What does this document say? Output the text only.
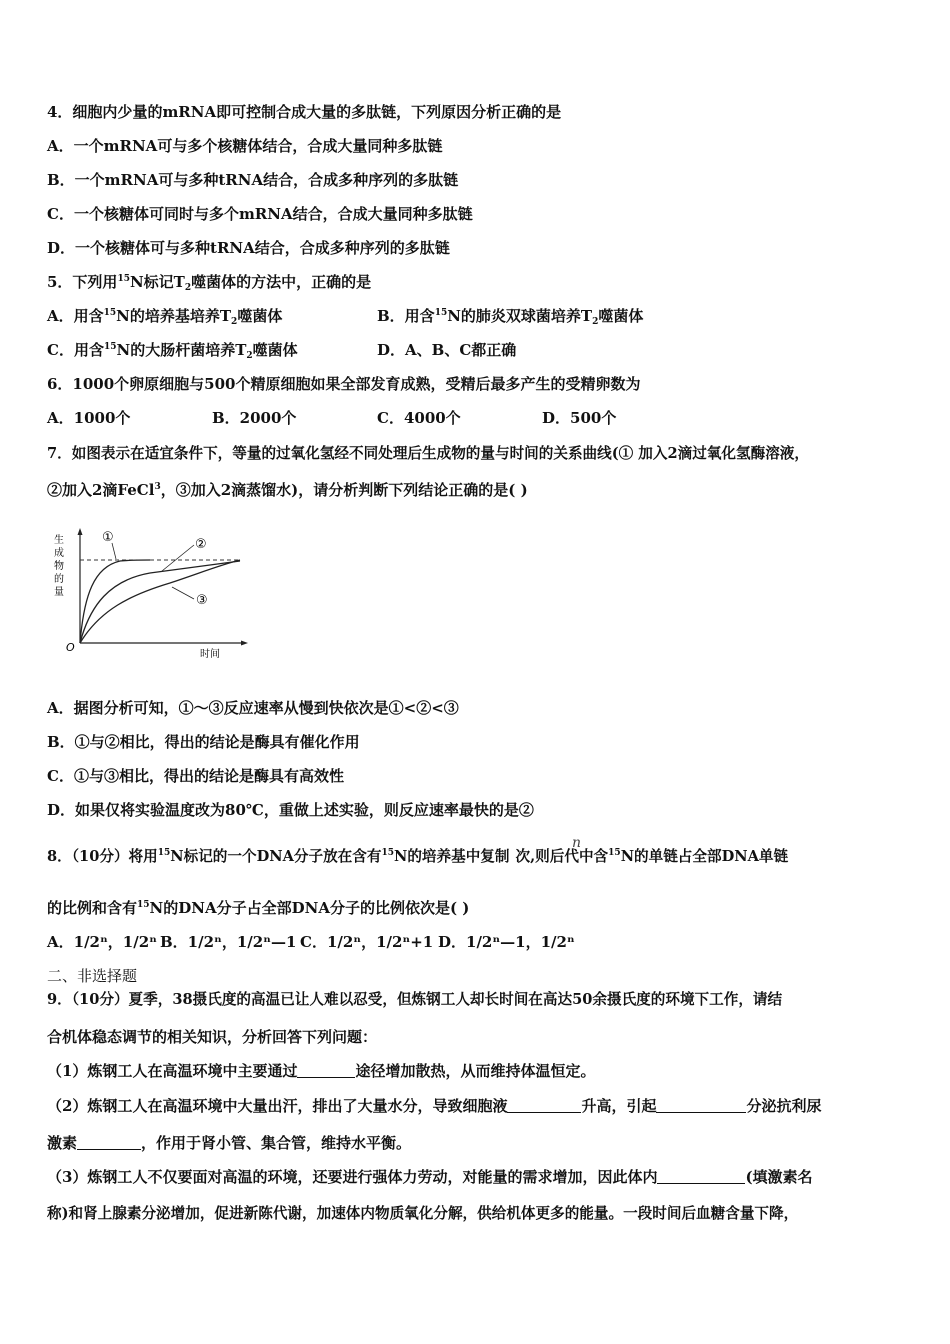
4．细胞内少量的mRNA即可控制合成大量的多肽链，下列原因分析正确的是
A．一个mRNA可与多个核糖体结合，合成大量同种多肽链
B．一个mRNA可与多种tRNA结合，合成多种序列的多肽链
C．一个核糖体可同时与多个mRNA结合，合成大量同种多肽链
D．一个核糖体可与多种tRNA结合，合成多种序列的多肽链
5．下列用$^{15}$N标记$T_2$噬菌体的方法中，正确的是
A．用含$^{15}$N的培养基培养$T_2$噬菌体	B．用含$^{15}$N的肺炎双球菌培养$T_2$噬菌体
C．用含$^{15}$N的大肠杆菌培养$T_2$噬菌体	D．A、B、C都正确
6．1000个卵原细胞与500个精原细胞如果全部发育成熟，受精后最多产生的受精卵数为
A．1000个	B．2000个	C．4000个	D．500个
7．如图表示在适宜条件下，等量的过氧化氢经不同处理后生成物的量与时间的关系曲线(① 加入2滴过氧化氢酶溶液，
②加入2滴FeCl$^3$，③加入2滴蒸馏水)，请分析判断下列结论正确的是( )
生
成
物
的
量
O
时间
①	②
③
A．据图分析可知，①～③反应速率从慢到快依次是①<②<③
B．①与②相比，得出的结论是酶具有催化作用
C．①与③相比，得出的结论是酶具有高效性
D．如果仅将实验温度改为80℃，重做上述实验，则反应速率最快的是②
n
8．（10分）将用$^{15}$N标记的一个DNA分子放在含有$^{15}$N的培养基中复制 次,则后代中含$^{15}$N的单链占全部DNA单链
的比例和含有$^{15}$N的DNA分子占全部DNA分子的比例依次是( )
A．1/2ⁿ，1/2ⁿ B．1/2ⁿ，1/2ⁿ—1 C．1/2ⁿ，1/2ⁿ+1 D．1/2ⁿ—1，1/2ⁿ
二、非选择题
9．（10分）夏季，38摄氏度的高温已让人难以忍受，但炼钢工人却长时间在高达50余摄氏度的环境下工作，请结
合机体稳态调节的相关知识，分析回答下列问题：
（1）炼钢工人在高温环境中主要通过	途径增加散热，从而维持体温恒定。
（2）炼钢工人在高温环境中大量出汗，排出了大量水分，导致细胞液	升高，引起	分泌抗利尿
激素	，作用于肾小管、集合管，维持水平衡。
（3）炼钢工人不仅要面对高温的环境，还要进行强体力劳动，对能量的需求增加，因此体内	(填激素名
称)和肾上腺素分泌增加，促进新陈代谢，加速体内物质氧化分解，供给机体更多的能量。一段时间后血糖含量下降，
